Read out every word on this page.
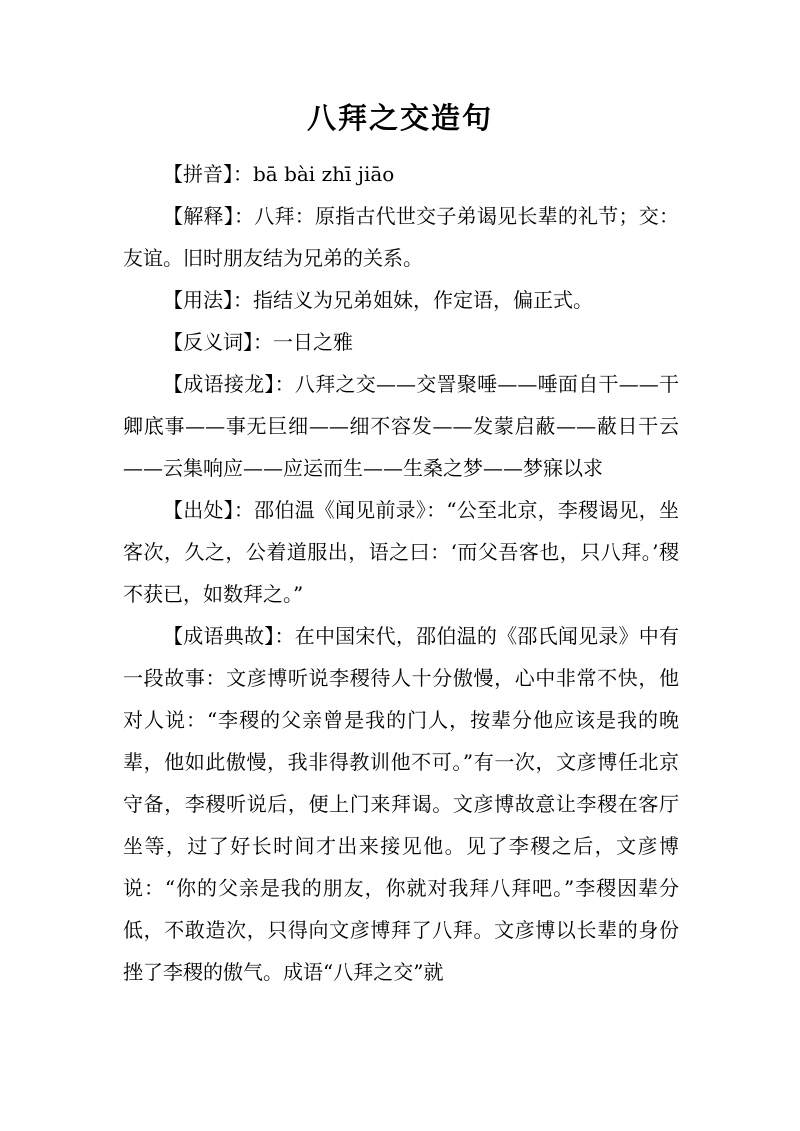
八拜之交造句

【拼音】：bā bài zhī jiāo

【解释】：八拜：原指古代世交子弟谒见长辈的礼节；交：友谊。旧时朋友结为兄弟的关系。

【用法】：指结义为兄弟姐妹，作定语，偏正式。

【反义词】：一日之雅

【成语接龙】：八拜之交——交詈聚唾——唾面自干——干卿底事——事无巨细——细不容发——发蒙启蔽——蔽日干云——云集响应——应运而生——生桑之梦——梦寐以求

【出处】：邵伯温《闻见前录》：“公至北京，李稷谒见，坐客次，久之，公着道服出，语之曰：‘而父吾客也，只八拜。’稷不获已，如数拜之。”

【成语典故】：在中国宋代，邵伯温的《邵氏闻见录》中有一段故事：文彦博听说李稷待人十分傲慢，心中非常不快，他对人说：“李稷的父亲曾是我的门人，按辈分他应该是我的晚辈，他如此傲慢，我非得教训他不可。”有一次，文彦博任北京守备，李稷听说后，便上门来拜谒。文彦博故意让李稷在客厅坐等，过了好长时间才出来接见他。见了李稷之后，文彦博说：“你的父亲是我的朋友，你就对我拜八拜吧。”李稷因辈分低，不敢造次，只得向文彦博拜了八拜。文彦博以长辈的身份挫了李稷的傲气。成语“八拜之交”就
